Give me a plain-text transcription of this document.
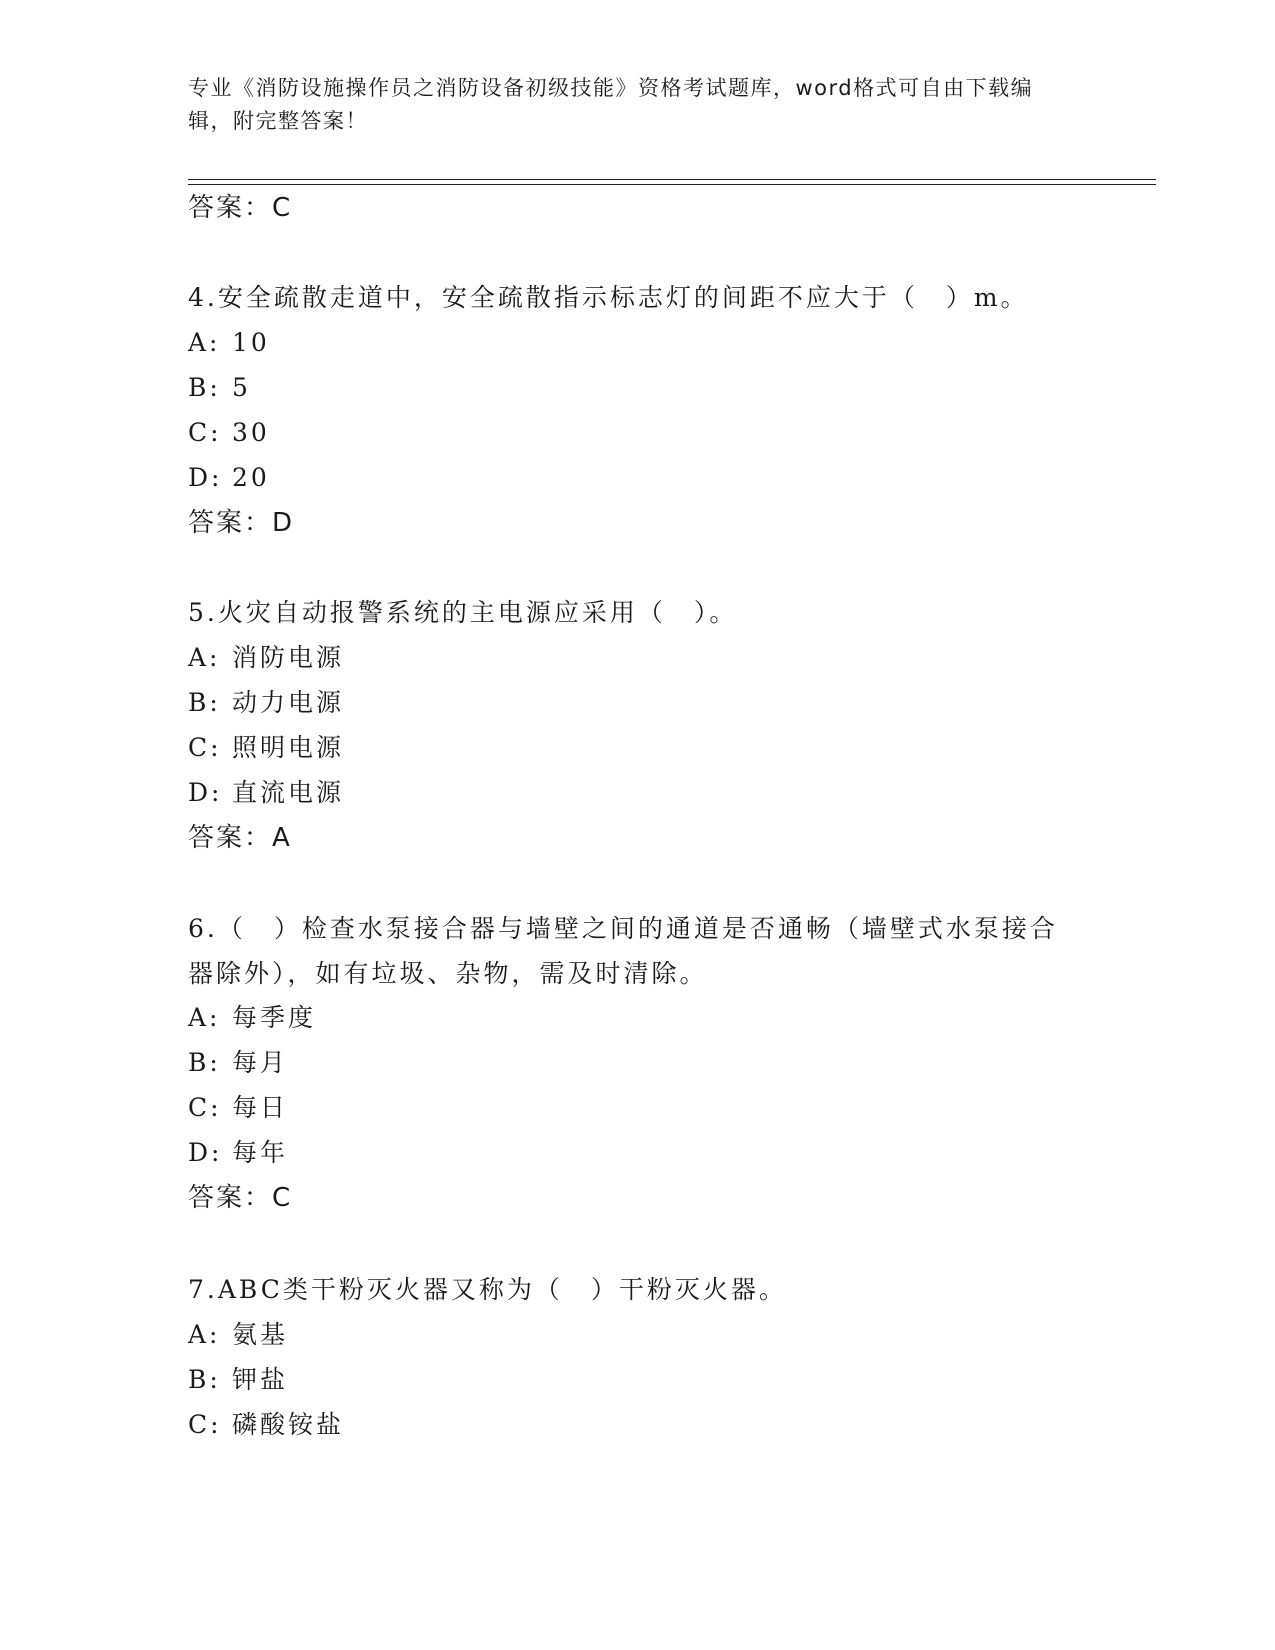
专业《消防设施操作员之消防设备初级技能》资格考试题库，word格式可自由下载编辑，附完整答案！
答案：C
4.安全疏散走道中，安全疏散指示标志灯的间距不应大于（　）m。
A: 10
B: 5
C: 30
D: 20
答案：D
5.火灾自动报警系统的主电源应采用（　）。
A: 消防电源
B: 动力电源
C: 照明电源
D: 直流电源
答案：A
6.（　）检查水泵接合器与墙壁之间的通道是否通畅（墙壁式水泵接合器除外），如有垃圾、杂物，需及时清除。
A: 每季度
B: 每月
C: 每日
D: 每年
答案：C
7.ABC类干粉灭火器又称为（　）干粉灭火器。
A: 氨基
B: 钾盐
C: 磷酸铵盐
